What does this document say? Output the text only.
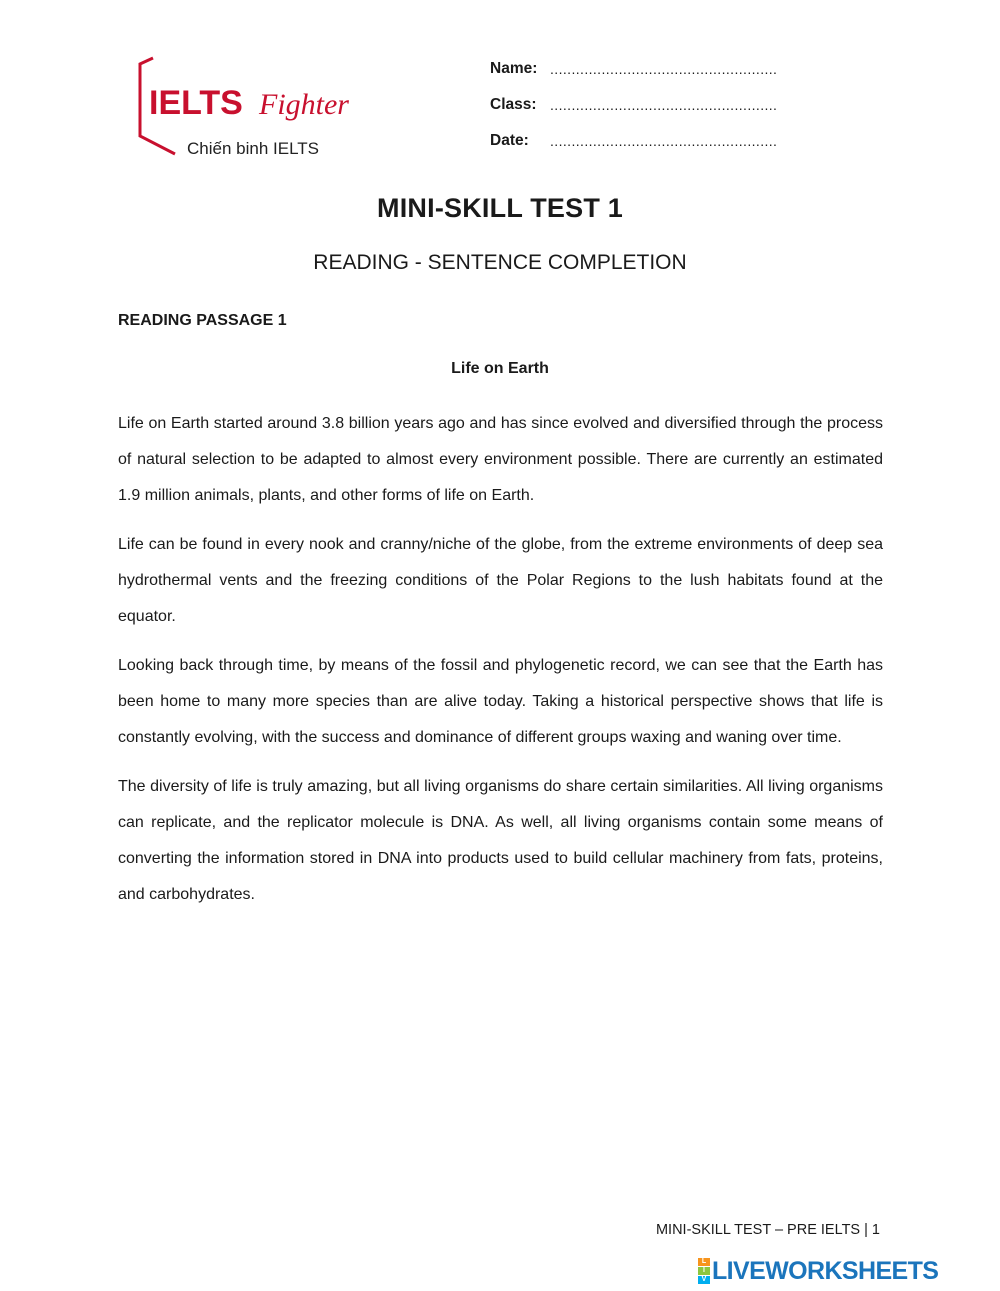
IELTS Fighter
Chiến binh IELTS
Name: .....................................................
Class: .....................................................
Date: .....................................................
MINI-SKILL TEST 1
READING - SENTENCE COMPLETION
READING PASSAGE 1
Life on Earth

Life on Earth started around 3.8 billion years ago and has since evolved and diversified through the process of natural selection to be adapted to almost every environment possible. There are currently an estimated 1.9 million animals, plants, and other forms of life on Earth.

Life can be found in every nook and cranny/niche of the globe, from the extreme environments of deep sea hydrothermal vents and the freezing conditions of the Polar Regions to the lush habitats found at the equator.

Looking back through time, by means of the fossil and phylogenetic record, we can see that the Earth has been home to many more species than are alive today. Taking a historical perspective shows that life is constantly evolving, with the success and dominance of different groups waxing and waning over time.

The diversity of life is truly amazing, but all living organisms do share certain similarities. All living organisms can replicate, and the replicator molecule is DNA. As well, all living organisms contain some means of converting the information stored in DNA into products used to build cellular machinery from fats, proteins, and carbohydrates.

MINI-SKILL TEST – PRE IELTS | 1
L
I
V LIVEWORKSHEETS
